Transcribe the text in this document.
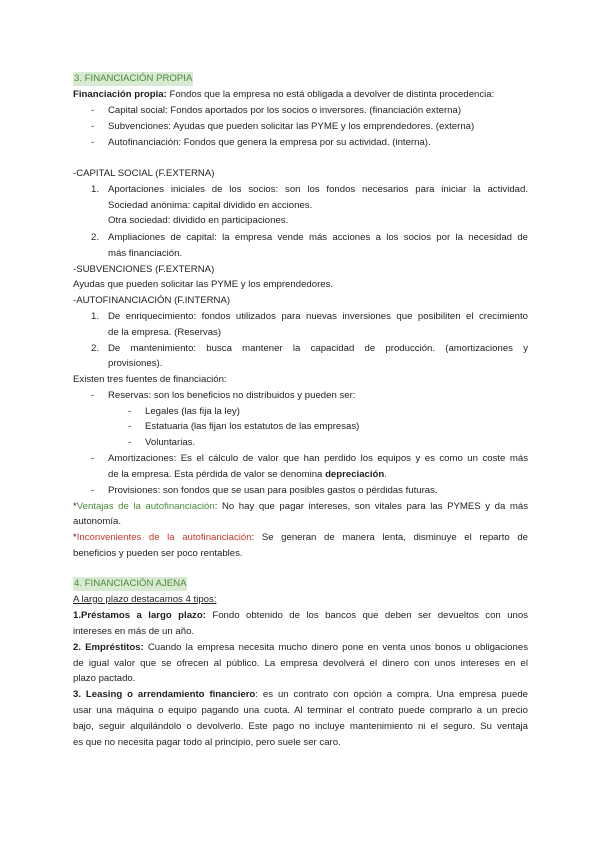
3. FINANCIACIÓN PROPIA
Financiación propia: Fondos que la empresa no está obligada a devolver de distinta procedencia:
- Capital social: Fondos aportados por los socios o inversores. (financiación externa)
- Subvenciones: Ayudas que pueden solicitar las PYME y los emprendedores. (externa)
- Autofinanciación: Fondos que genera la empresa por su actividad. (interna).
-CAPITAL SOCIAL (F.EXTERNA)
1. Aportaciones iniciales de los socios: son los fondos necesarios para iniciar la actividad.
Sociedad anónima: capital dividido en acciones.
Otra sociedad: dividido en participaciones.
2. Ampliaciones de capital: la empresa vende más acciones a los socios por la necesidad de
más financiación.
-SUBVENCIONES (F.EXTERNA)
Ayudas que pueden solicitar las PYME y los emprendedores.
-AUTOFINANCIACIÓN (F.INTERNA)
1. De enriquecimiento: fondos utilizados para nuevas inversiones que posibiliten el crecimiento
de la empresa. (Reservas)
2. De mantenimiento: busca mantener la capacidad de producción. (amortizaciones y
provisiones).
Existen tres fuentes de financiación:
- Reservas: son los beneficios no distribuidos y pueden ser:
- Legales (las fija la ley)
- Estatuaria (las fijan los estatutos de las empresas)
- Voluntarias.
- Amortizaciones: Es el cálculo de valor que han perdido los equipos y es como un coste más
de la empresa. Esta pérdida de valor se denomina depreciación.
- Provisiones: son fondos que se usan para posibles gastos o pérdidas futuras.
*Ventajas de la autofinanciación: No hay que pagar intereses, son vitales para las PYMES y da más
autonomía.
*Inconvenientes de la autofinanciación: Se generan de manera lenta, disminuye el reparto de
beneficios y pueden ser poco rentables.
4. FINANCIACIÓN AJENA
A largo plazo destacamos 4 tipos:
1.Préstamos a largo plazo: Fondo obtenido de los bancos que deben ser devueltos con unos
intereses en más de un año.
2. Empréstitos: Cuando la empresa necesita mucho dinero pone en venta unos bonos u obligaciones
de igual valor que se ofrecen al público. La empresa devolverá el dinero con unos intereses en el
plazo pactado.
3. Leasing o arrendamiento financiero: es un contrato con opción a compra. Una empresa puede
usar una máquina o equipo pagando una cuota. Al terminar el contrato puede comprarlo a un precio
bajo, seguir alquilándolo o devolverlo. Este pago no incluye mantenimiento ni el seguro. Su ventaja
es que no necesita pagar todo al principio, pero suele ser caro.
